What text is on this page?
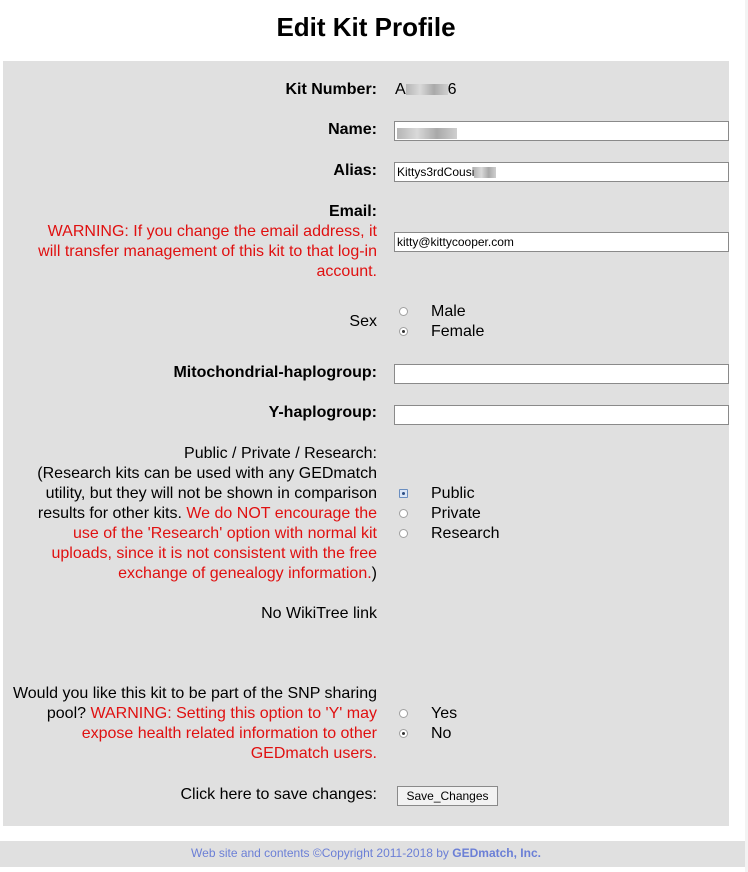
Edit Kit Profile
Kit Number: A	6
Name:
Alias: Kittys3rdCousi
Email:
WARNING: If you change the email address, it will transfer management of this kit to that log-in account.
kitty@kittycooper.com
Sex
Male
Female
Mitochondrial-haplogroup:
Y-haplogroup:
Public / Private / Research:
(Research kits can be used with any GEDmatch utility, but they will not be shown in comparison results for other kits. We do NOT encourage the use of the 'Research' option with normal kit uploads, since it is not consistent with the free exchange of genealogy information.)
Public
Private
Research
No WikiTree link
Would you like this kit to be part of the SNP sharing pool? WARNING: Setting this option to 'Y' may expose health related information to other GEDmatch users.
Yes
No
Click here to save changes:	Save_Changes
Web site and contents ©Copyright 2011-2018 by GEDmatch, Inc.
